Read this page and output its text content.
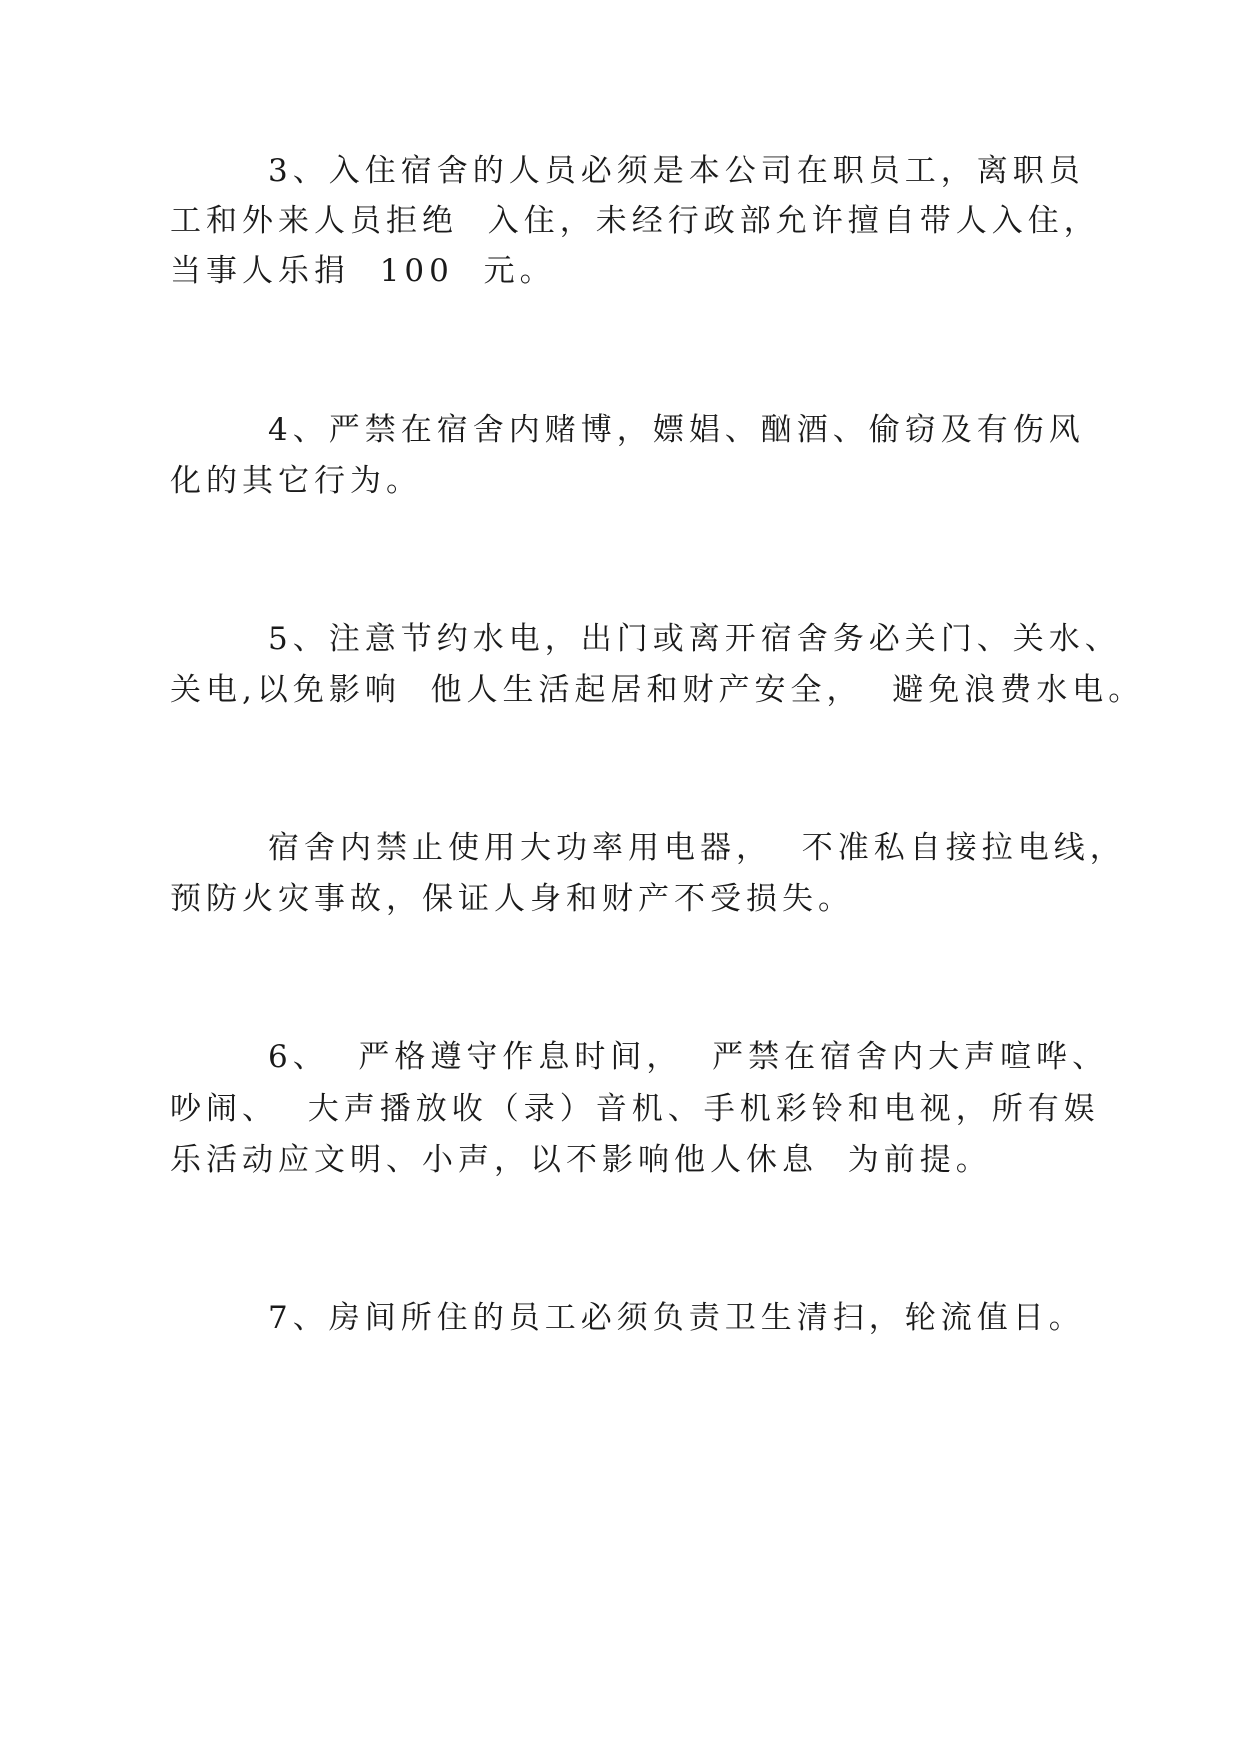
3、入住宿舍的人员必须是本公司在职员工，离职员
工和外来人员拒绝  入住，未经行政部允许擅自带人入住，
当事人乐捐  100  元。
4、严禁在宿舍内赌博，嫖娼、酗酒、偷窃及有伤风
化的其它行为。
5、注意节约水电，出门或离开宿舍务必关门、关水、
关电,以免影响  他人生活起居和财产安全，  避免浪费水电。
宿舍内禁止使用大功率用电器，  不准私自接拉电线，
预防火灾事故，保证人身和财产不受损失。
6、  严格遵守作息时间，  严禁在宿舍内大声喧哗、
吵闹、  大声播放收（录）音机、手机彩铃和电视，所有娱
乐活动应文明、小声，以不影响他人休息  为前提。
7、房间所住的员工必须负责卫生清扫，轮流值日。
